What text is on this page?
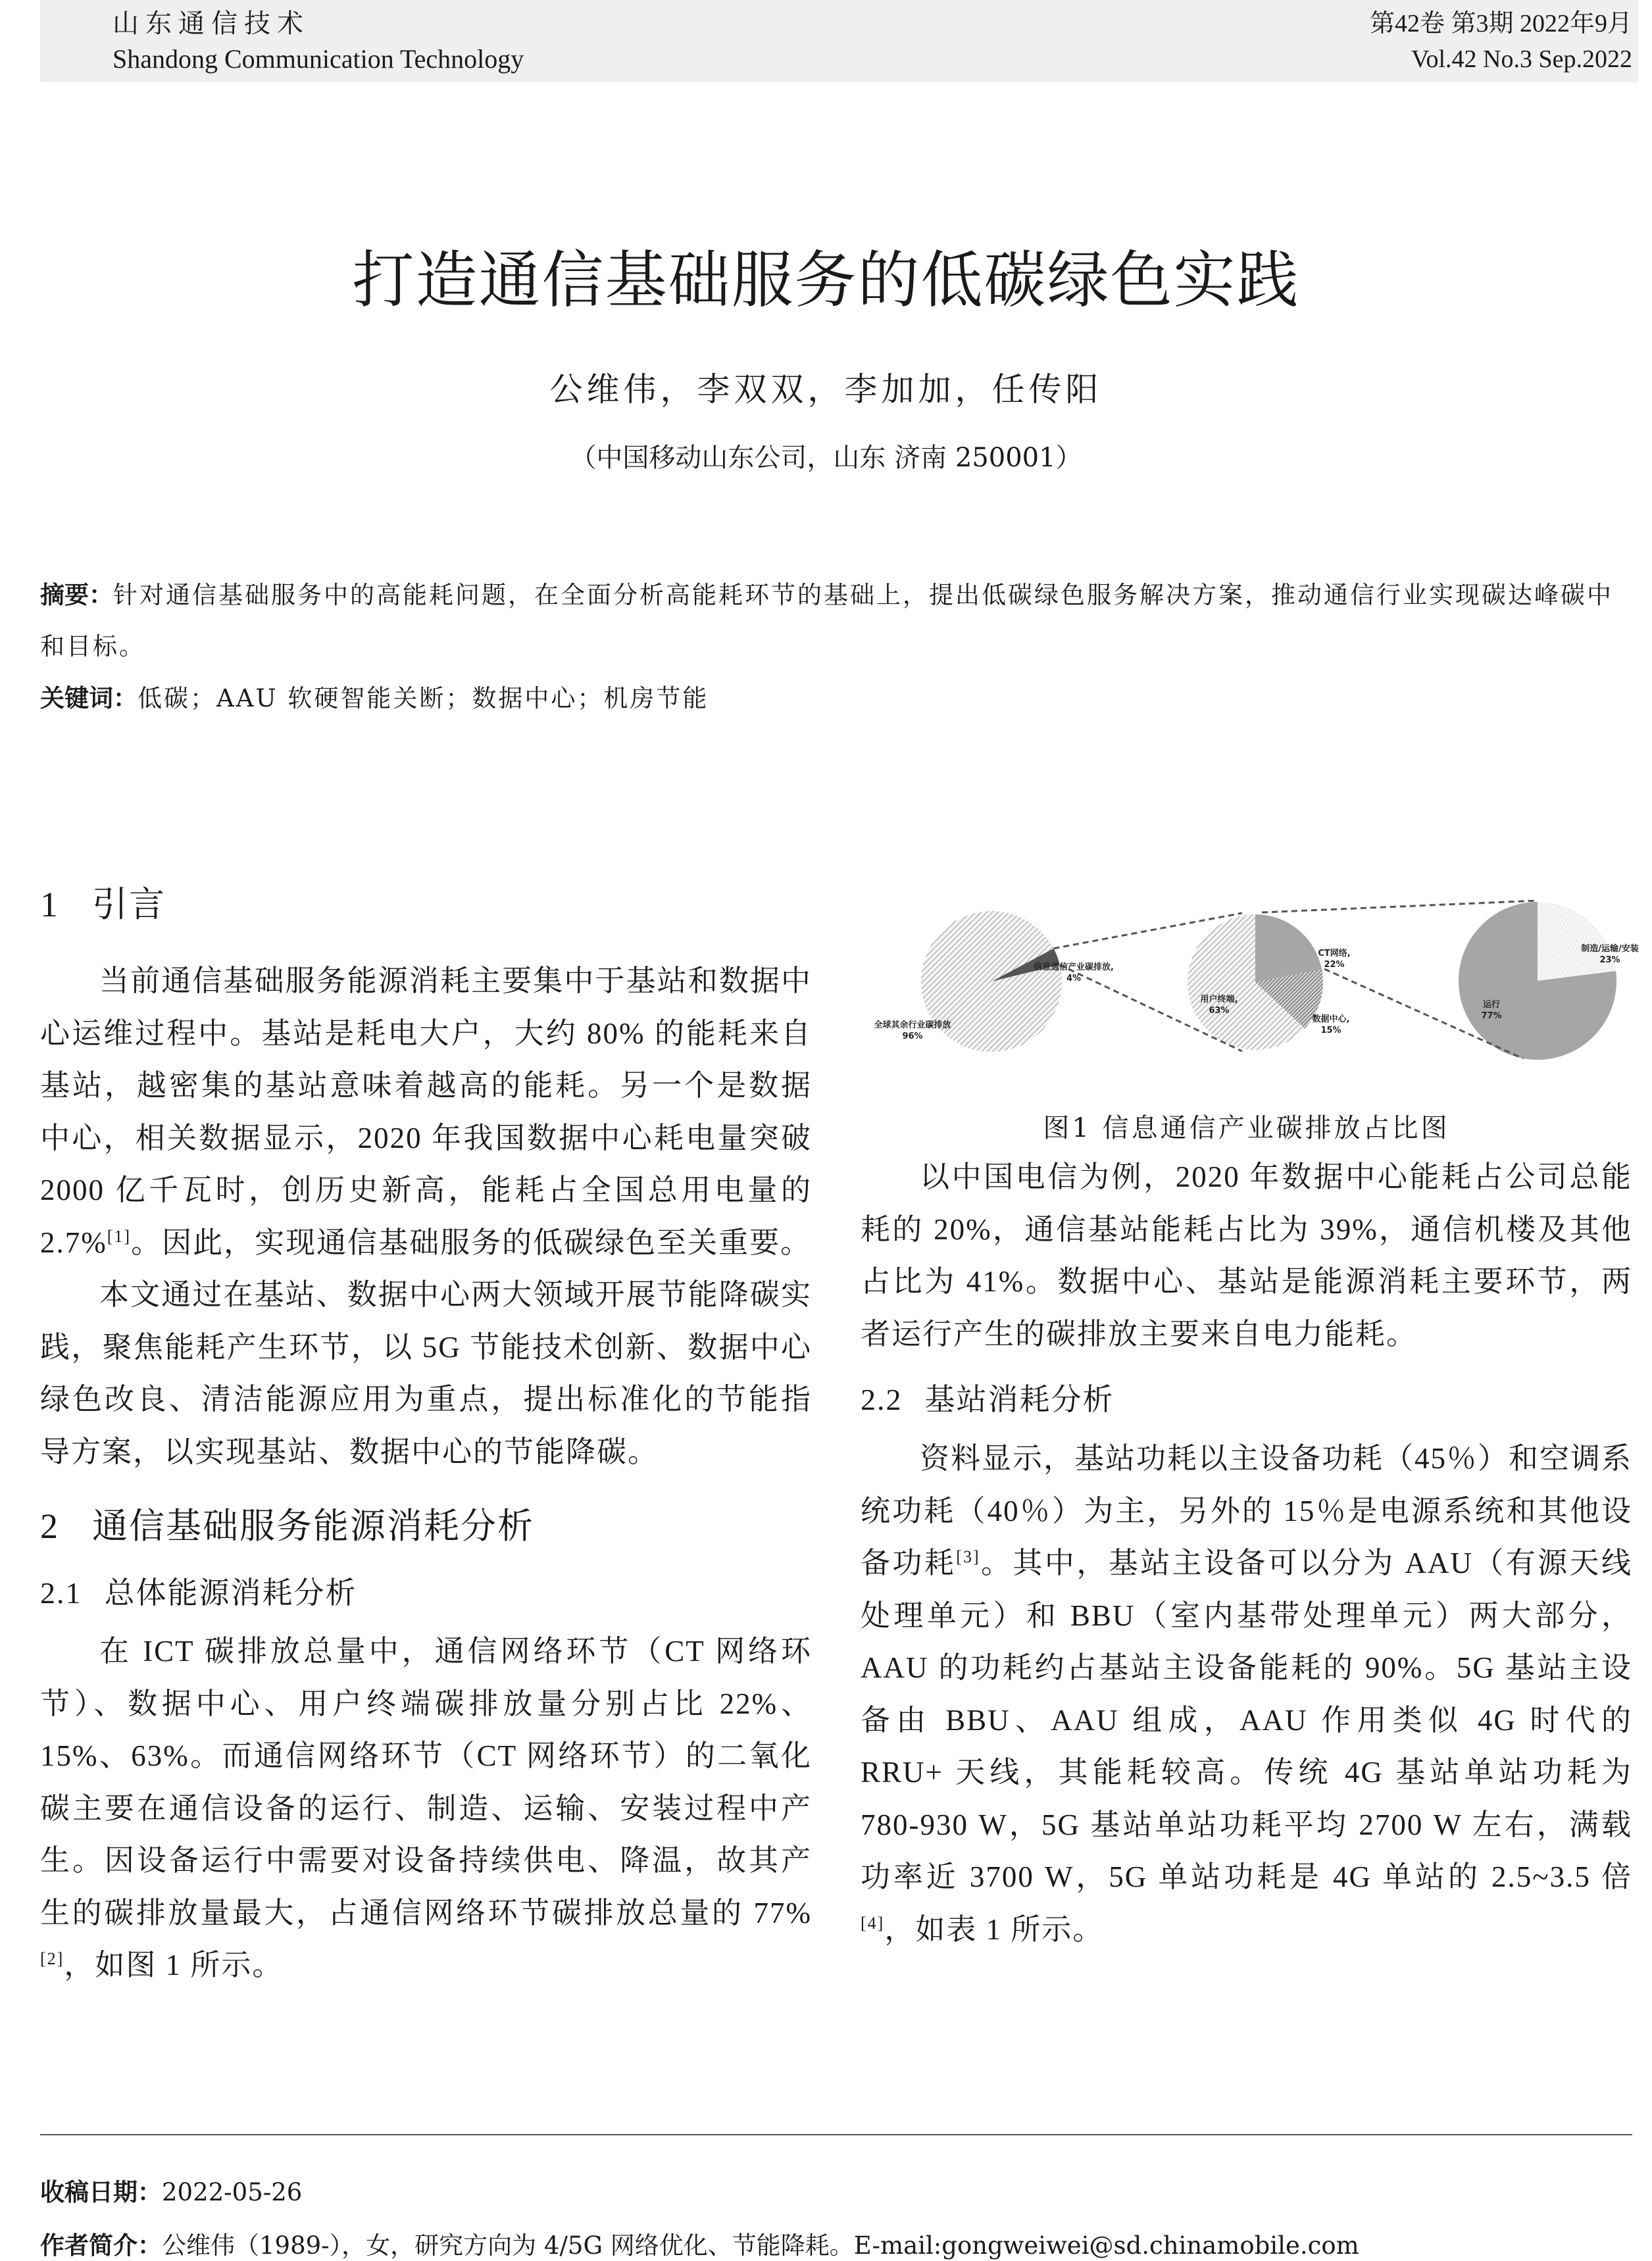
山 东 通 信 技 术
Shandong Communication Technology
第42卷 第3期 2022年9月
Vol.42 No.3 Sep.2022
打造通信基础服务的低碳绿色实践
公维伟，李双双，李加加，任传阳
（中国移动山东公司，山东 济南 250001）
摘要：针对通信基础服务中的高能耗问题，在全面分析高能耗环节的基础上，提出低碳绿色服务解决方案，推动通信行业实现碳达峰碳中和目标。
关键词：低碳；AAU 软硬智能关断；数据中心；机房节能
1 引言

当前通信基础服务能源消耗主要集中于基站和数据中心运维过程中。基站是耗电大户，大约 80% 的能耗来自基站，越密集的基站意味着越高的能耗。另一个是数据中心，相关数据显示，2020 年我国数据中心耗电量突破 2000 亿千瓦时，创历史新高，能耗占全国总用电量的 2.7%[1]。因此，实现通信基础服务的低碳绿色至关重要。

本文通过在基站、数据中心两大领域开展节能降碳实践，聚焦能耗产生环节，以 5G 节能技术创新、数据中心绿色改良、清洁能源应用为重点，提出标准化的节能指导方案，以实现基站、数据中心的节能降碳。

2 通信基础服务能源消耗分析
2.1 总体能源消耗分析

在 ICT 碳排放总量中，通信网络环节（CT 网络环节）、数据中心、用户终端碳排放量分别占比 22%、15%、63%。而通信网络环节（CT 网络环节）的二氧化碳主要在通信设备的运行、制造、运输、安装过程中产生。因设备运行中需要对设备持续供电、降温，故其产生的碳排放量最大，占通信网络环节碳排放总量的 77%[2]，如图 1 所示。

信息通信产业碳排放,
4%
全球其余行业碳排放
96%
CT网络,
22%
数据中心,
15%
用户终端,
63%
制造/运输/安装
23%
运行
77%
图1 信息通信产业碳排放占比图

以中国电信为例，2020 年数据中心能耗占公司总能耗的 20%，通信基站能耗占比为 39%，通信机楼及其他占比为 41%。数据中心、基站是能源消耗主要环节，两者运行产生的碳排放主要来自电力能耗。

2.2 基站消耗分析

资料显示，基站功耗以主设备功耗（45％）和空调系统功耗（40％）为主，另外的 15％是电源系统和其他设备功耗[3]。其中，基站主设备可以分为 AAU（有源天线处理单元）和 BBU（室内基带处理单元）两大部分，AAU 的功耗约占基站主设备能耗的 90%。5G 基站主设备由 BBU、AAU 组成，AAU 作用类似 4G 时代的 RRU+ 天线，其能耗较高。传统 4G 基站单站功耗为 780-930 W，5G 基站单站功耗平均 2700 W 左右，满载功率近 3700 W，5G 单站功耗是 4G 单站的 2.5~3.5 倍[4]，如表 1 所示。

收稿日期：2022-05-26
作者简介：公维伟（1989-），女，研究方向为 4/5G 网络优化、节能降耗。E-mail:gongweiwei@sd.chinamobile.com
